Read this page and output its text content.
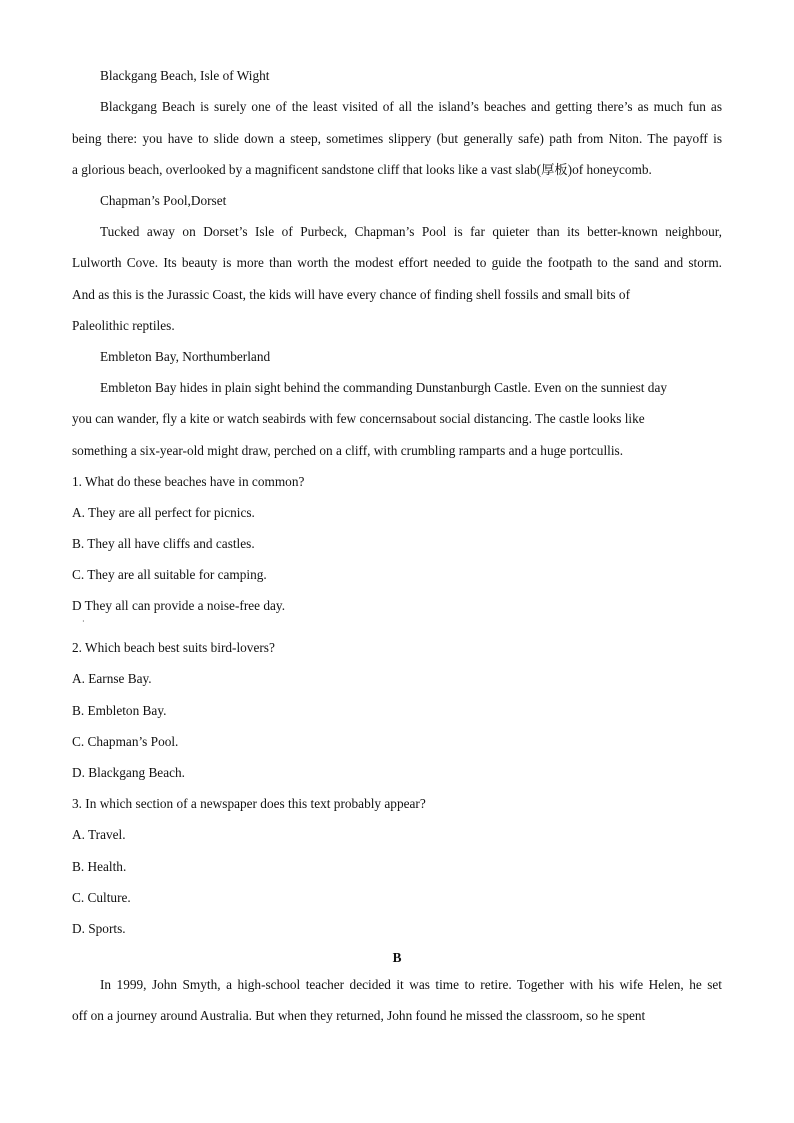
Blackgang Beach, Isle of Wight
Blackgang Beach is surely one of the least visited of all the island’s beaches and getting there’s as much fun as
being there: you have to slide down a steep, sometimes slippery (but generally safe) path from Niton. The payoff is
a glorious beach, overlooked by a magnificent sandstone cliff that looks like a vast slab(厚板)of honeycomb.
Chapman’s Pool,Dorset
Tucked away on Dorset’s Isle of Purbeck, Chapman’s Pool is far quieter than its better-known neighbour,
Lulworth Cove. Its beauty is more than worth the modest effort needed to guide the footpath to the sand and storm.
And as this is the Jurassic Coast, the kids will have every chance of finding shell fossils and small bits of
Paleolithic reptiles.
Embleton Bay, Northumberland
Embleton Bay hides in plain sight behind the commanding Dunstanburgh Castle. Even on the sunniest day
you can wander, fly a kite or watch seabirds with few concernsabout social distancing. The castle looks like
something a six-year-old might draw, perched on a cliff, with crumbling ramparts and a huge portcullis.
1. What do these beaches have in common?
A. They are all perfect for picnics.
B. They all have cliffs and castles.
C. They are all suitable for camping.
D They all can provide a noise-free day.
·
2. Which beach best suits bird-lovers?
A. Earnse Bay.
B. Embleton Bay.
C. Chapman’s Pool.
D. Blackgang Beach.
3. In which section of a newspaper does this text probably appear?
A. Travel.
B. Health.
C. Culture.
D. Sports.
B
In 1999, John Smyth, a high-school teacher decided it was time to retire. Together with his wife Helen, he set
off on a journey around Australia. But when they returned, John found he missed the classroom, so he spent
